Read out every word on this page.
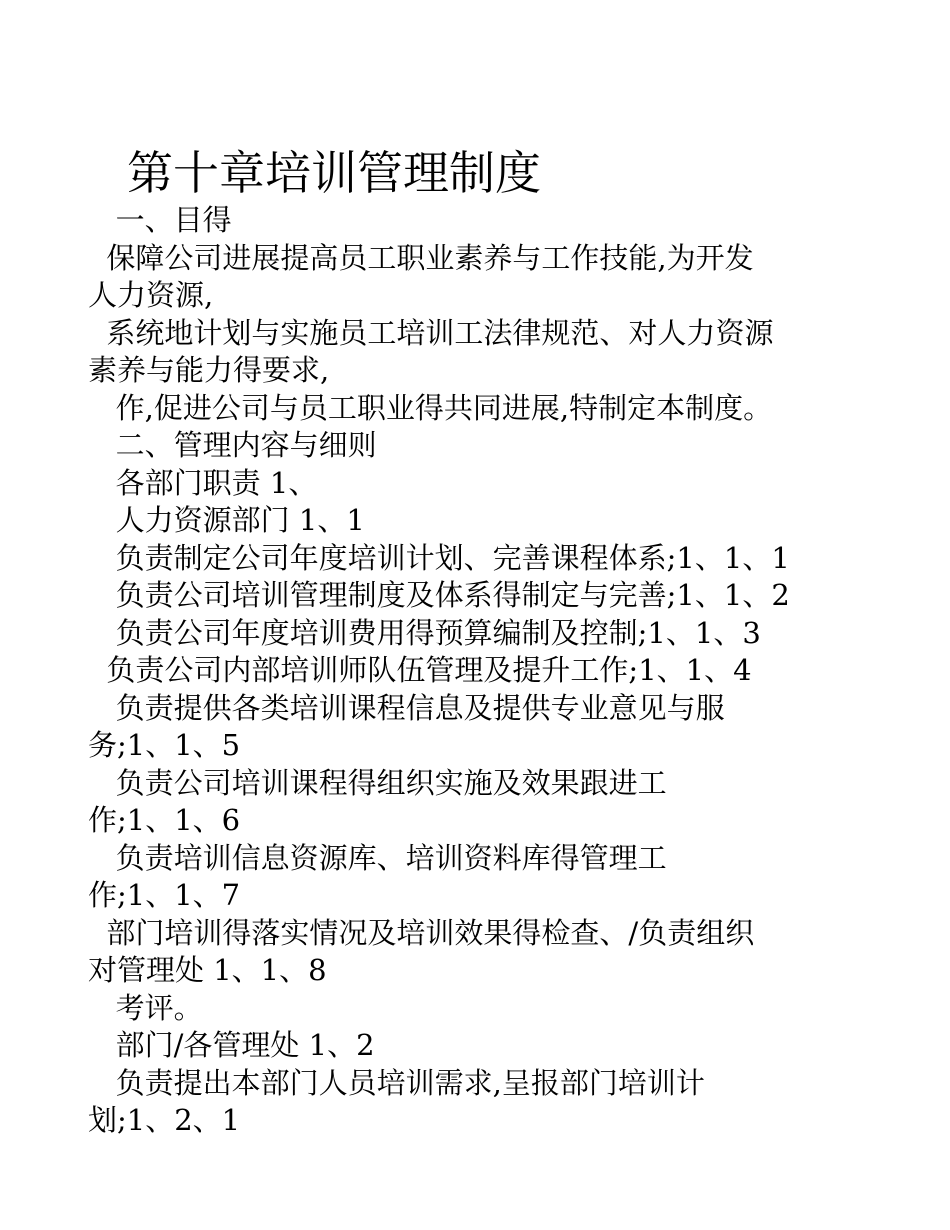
第十章培训管理制度
一、目得
保障公司进展提高员工职业素养与工作技能,为开发
人力资源,
系统地计划与实施员工培训工法律规范、对人力资源
素养与能力得要求,
作,促进公司与员工职业得共同进展,特制定本制度。
二、管理内容与细则
各部门职责 1、
人力资源部门 1、1
负责制定公司年度培训计划、完善课程体系;1、1、1
负责公司培训管理制度及体系得制定与完善;1、1、2
负责公司年度培训费用得预算编制及控制;1、1、3
负责公司内部培训师队伍管理及提升工作;1、1、4
负责提供各类培训课程信息及提供专业意见与服
务;1、1、5
负责公司培训课程得组织实施及效果跟进工
作;1、1、6
负责培训信息资源库、培训资料库得管理工
作;1、1、7
部门培训得落实情况及培训效果得检查、/负责组织
对管理处 1、1、8
考评。
部门/各管理处 1、2
负责提出本部门人员培训需求,呈报部门培训计
划;1、2、1
